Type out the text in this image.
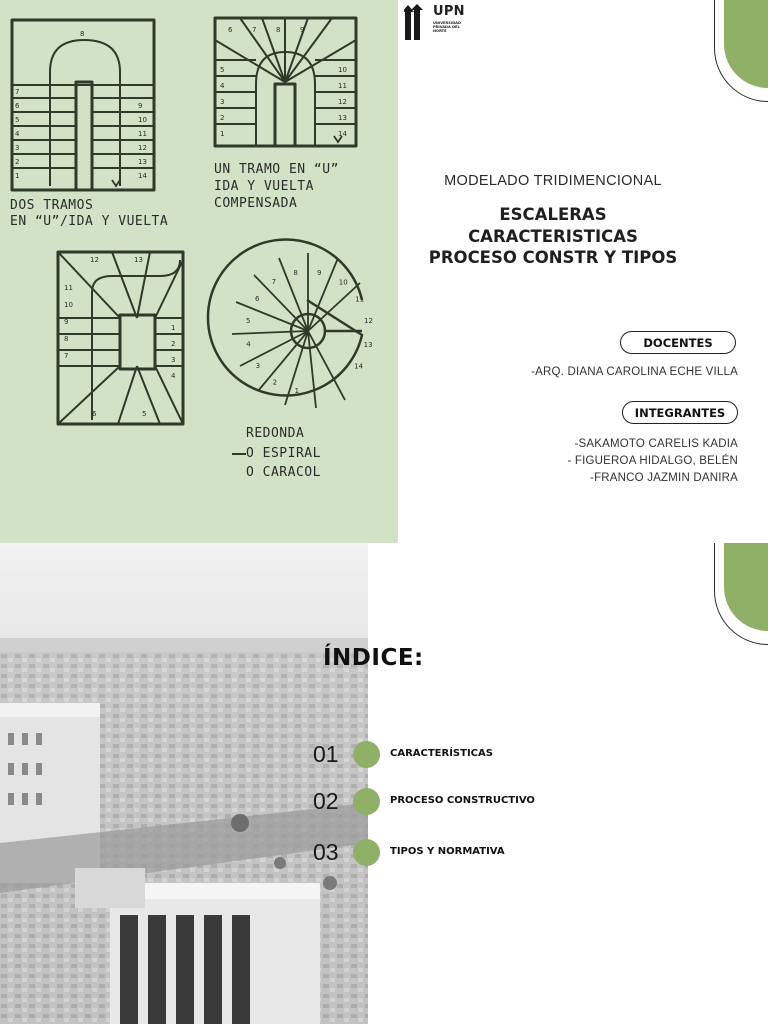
DOS TRAMOS
EN “U”/IDA Y VUELTA
UN TRAMO EN “U”
IDA Y VUELTA
COMPENSADA
REDONDA
O ESPIRAL
O CARACOL
7
6
5
4
3
2
1
9
10
11
12
13
14
8	6	7	8	9
5
4
3
2
1
10
11
12
13
14
12	13
11
10
9
8
7
1
2
3
4
6	5
1
2
3
4
5
6
7
8	9
10
11
12
13
14
UPN
UNIVERSIDAD PRIVADA DEL NORTE
MODELADO TRIDIMENCIONAL
ESCALERAS
CARACTERISTICAS
PROCESO CONSTR Y TIPOS
DOCENTES
-ARQ. DIANA CAROLINA ECHE VILLA
INTEGRANTES
-SAKAMOTO CARELIS KADIA
- FIGUEROA HIDALGO, BELÉN
-FRANCO JAZMIN DANIRA
ÍNDICE:
01	CARACTERÍSTICAS
02	PROCESO CONSTRUCTIVO
03	TIPOS Y NORMATIVA
